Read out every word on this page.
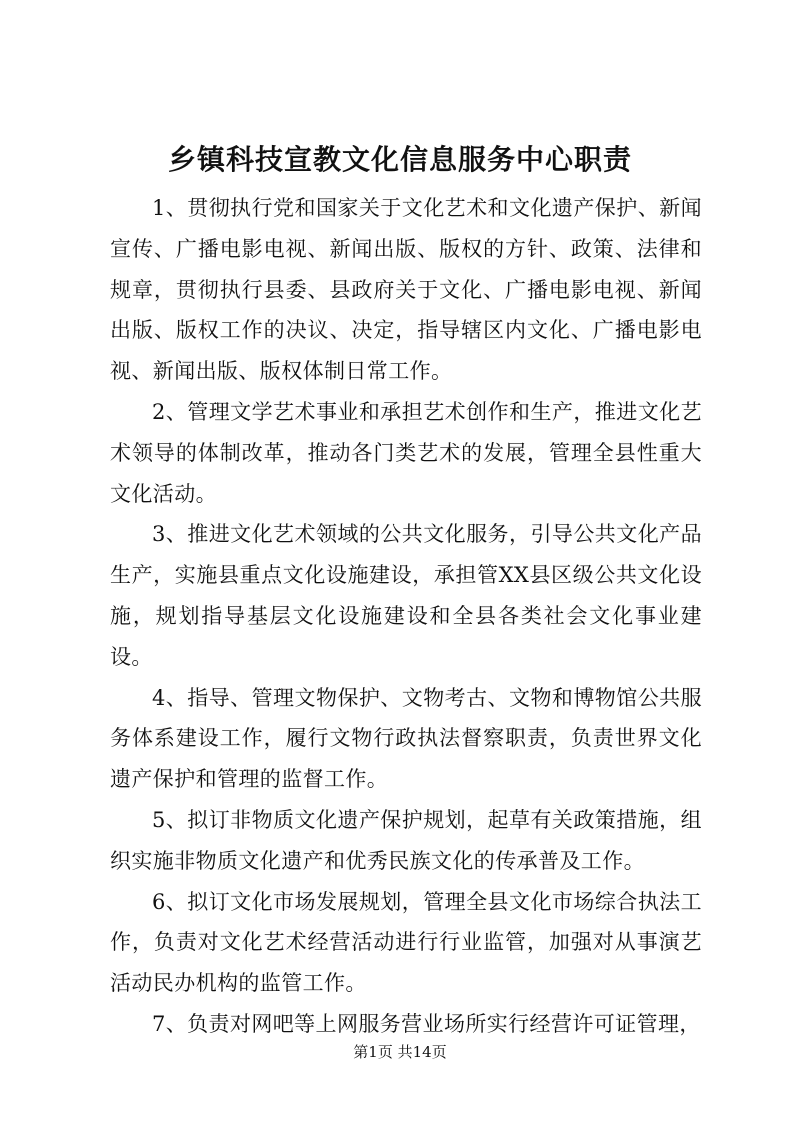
乡镇科技宣教文化信息服务中心职责

1、贯彻执行党和国家关于文化艺术和文化遗产保护、新闻宣传、广播电影电视、新闻出版、版权的方针、政策、法律和规章，贯彻执行县委、县政府关于文化、广播电影电视、新闻出版、版权工作的决议、决定，指导辖区内文化、广播电影电视、新闻出版、版权体制日常工作。

2、管理文学艺术事业和承担艺术创作和生产，推进文化艺术领导的体制改革，推动各门类艺术的发展，管理全县性重大文化活动。

3、推进文化艺术领域的公共文化服务，引导公共文化产品生产，实施县重点文化设施建设，承担管XX县区级公共文化设施，规划指导基层文化设施建设和全县各类社会文化事业建设。

4、指导、管理文物保护、文物考古、文物和博物馆公共服务体系建设工作，履行文物行政执法督察职责，负责世界文化遗产保护和管理的监督工作。

5、拟订非物质文化遗产保护规划，起草有关政策措施，组织实施非物质文化遗产和优秀民族文化的传承普及工作。

6、拟订文化市场发展规划，管理全县文化市场综合执法工作，负责对文化艺术经营活动进行行业监管，加强对从事演艺活动民办机构的监管工作。

7、负责对网吧等上网服务营业场所实行经营许可证管理，

第1页 共14页
